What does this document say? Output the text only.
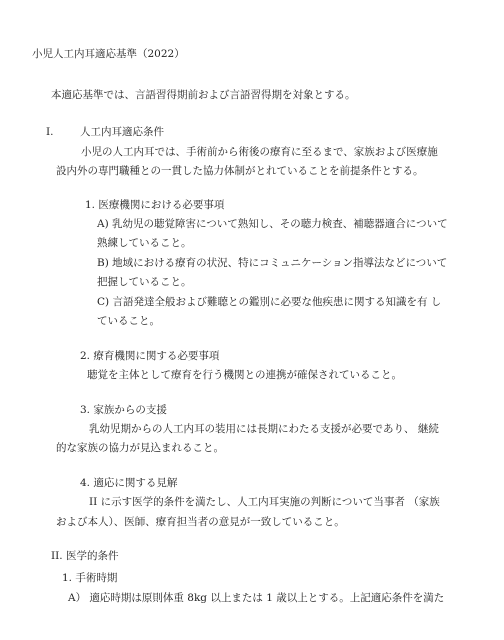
小児人工内耳適応基準（2022）

本適応基準では、言語習得期前および言語習得期を対象とする。

I.	人工内耳適応条件

小児の人工内耳では、手術前から術後の療育に至るまで、家族および医療施

設内外の専門職種との一貫した協力体制がとれていることを前提条件とする。

1. 医療機関における必要事項

A) 乳幼児の聴覚障害について熟知し、その聴力検査、補聴器適合について

熟練していること。

B) 地域における療育の状況、特にコミュニケーション指導法などについて

把握していること。

C) 言語発達全般および難聴との鑑別に必要な他疾患に関する知識を有 し

ていること。

2. 療育機関に関する必要事項

聴覚を主体として療育を行う機関との連携が確保されていること。

3. 家族からの支援

乳幼児期からの人工内耳の装用には長期にわたる支援が必要であり、 継続

的な家族の協力が見込まれること。

4. 適応に関する見解

II に示す医学的条件を満たし、人工内耳実施の判断について当事者 （家族

および本人）、医師、療育担当者の意見が一致していること。

II. 医学的条件

1. 手術時期

A） 適応時期は原則体重 8kg 以上または 1 歳以上とする。上記適応条件を満た
